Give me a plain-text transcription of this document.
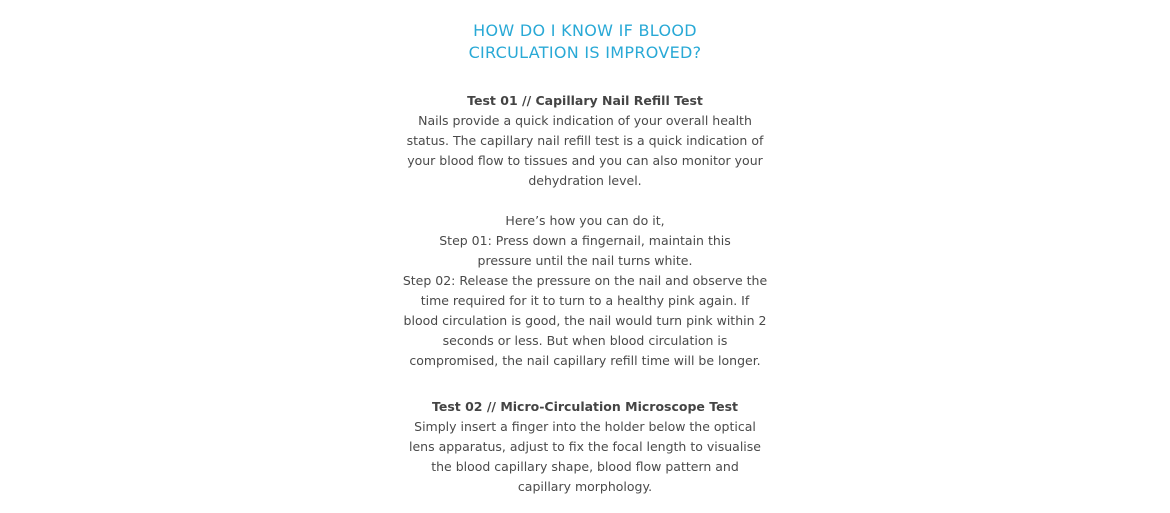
HOW DO I KNOW IF BLOOD
CIRCULATION IS IMPROVED?

Test 01 // Capillary Nail Refill Test

Nails provide a quick indication of your overall health
status. The capillary nail refill test is a quick indication of
your blood flow to tissues and you can also monitor your
dehydration level.

Here’s how you can do it,
Step 01: Press down a fingernail, maintain this
pressure until the nail turns white.
Step 02: Release the pressure on the nail and observe the
time required for it to turn to a healthy pink again. If
blood circulation is good, the nail would turn pink within 2
seconds or less. But when blood circulation is
compromised, the nail capillary refill time will be longer.

Test 02 // Micro-Circulation Microscope Test

Simply insert a finger into the holder below the optical
lens apparatus, adjust to fix the focal length to visualise
the blood capillary shape, blood flow pattern and
capillary morphology.
